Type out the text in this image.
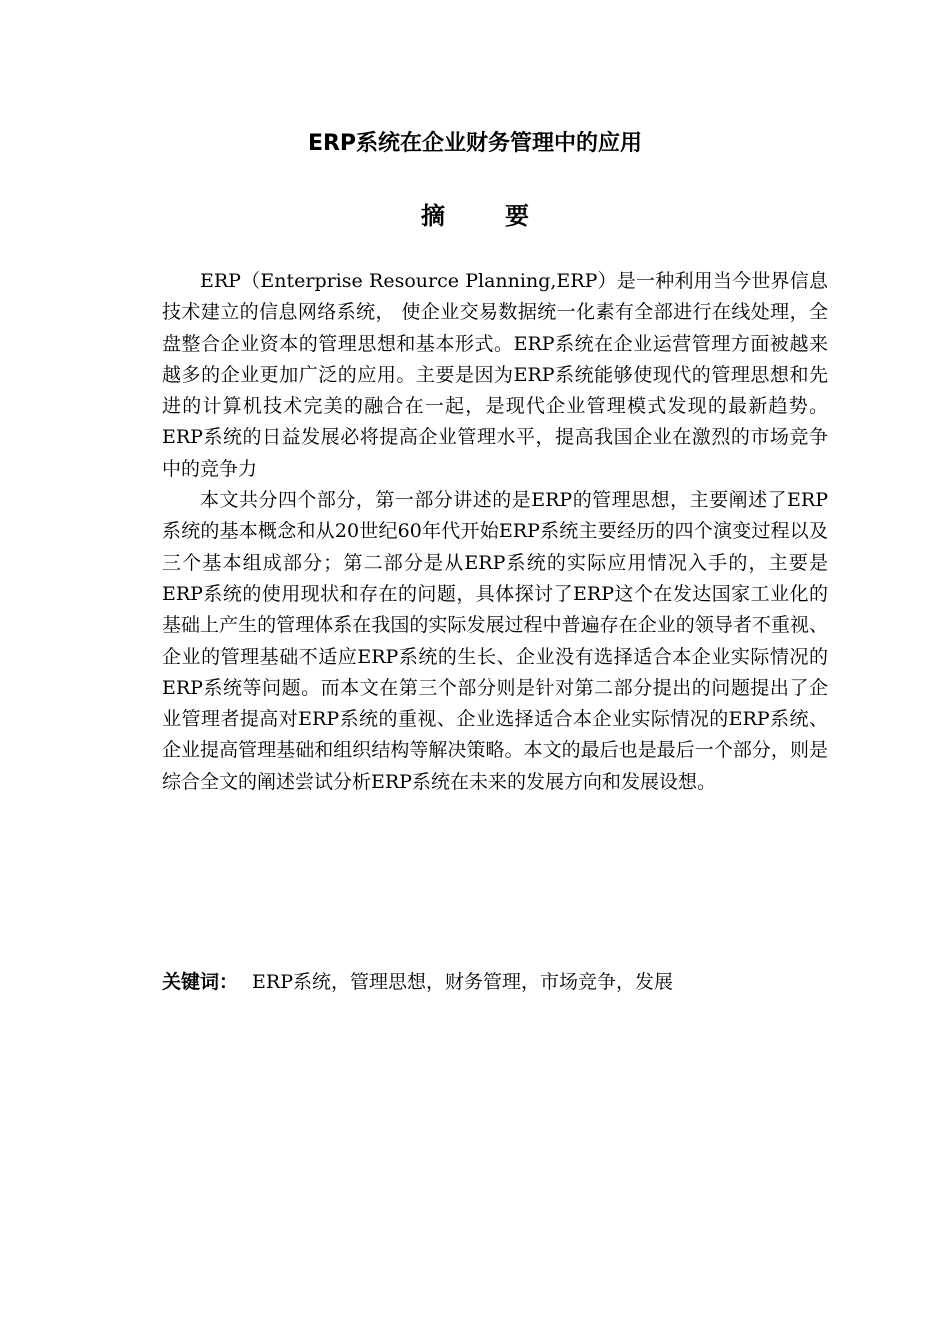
ERP系统在企业财务管理中的应用
摘	要

ERP（Enterprise Resource Planning,ERP）是一种利用当今世界信息技术建立的信息网络系统， 使企业交易数据统一化素有全部进行在线处理，全盘整合企业资本的管理思想和基本形式。ERP系统在企业运营管理方面被越来越多的企业更加广泛的应用。主要是因为ERP系统能够使现代的管理思想和先进的计算机技术完美的融合在一起，是现代企业管理模式发现的最新趋势。ERP系统的日益发展必将提高企业管理水平，提高我国企业在激烈的市场竞争中的竞争力

本文共分四个部分，第一部分讲述的是ERP的管理思想，主要阐述了ERP系统的基本概念和从20世纪60年代开始ERP系统主要经历的四个演变过程以及三个基本组成部分；第二部分是从ERP系统的实际应用情况入手的，主要是ERP系统的使用现状和存在的问题，具体探讨了ERP这个在发达国家工业化的基础上产生的管理体系在我国的实际发展过程中普遍存在企业的领导者不重视、企业的管理基础不适应ERP系统的生长、企业没有选择适合本企业实际情况的ERP系统等问题。而本文在第三个部分则是针对第二部分提出的问题提出了企业管理者提高对ERP系统的重视、企业选择适合本企业实际情况的ERP系统、企业提高管理基础和组织结构等解决策略。本文的最后也是最后一个部分，则是综合全文的阐述尝试分析ERP系统在未来的发展方向和发展设想。

关键词： ERP系统，管理思想，财务管理，市场竞争，发展
